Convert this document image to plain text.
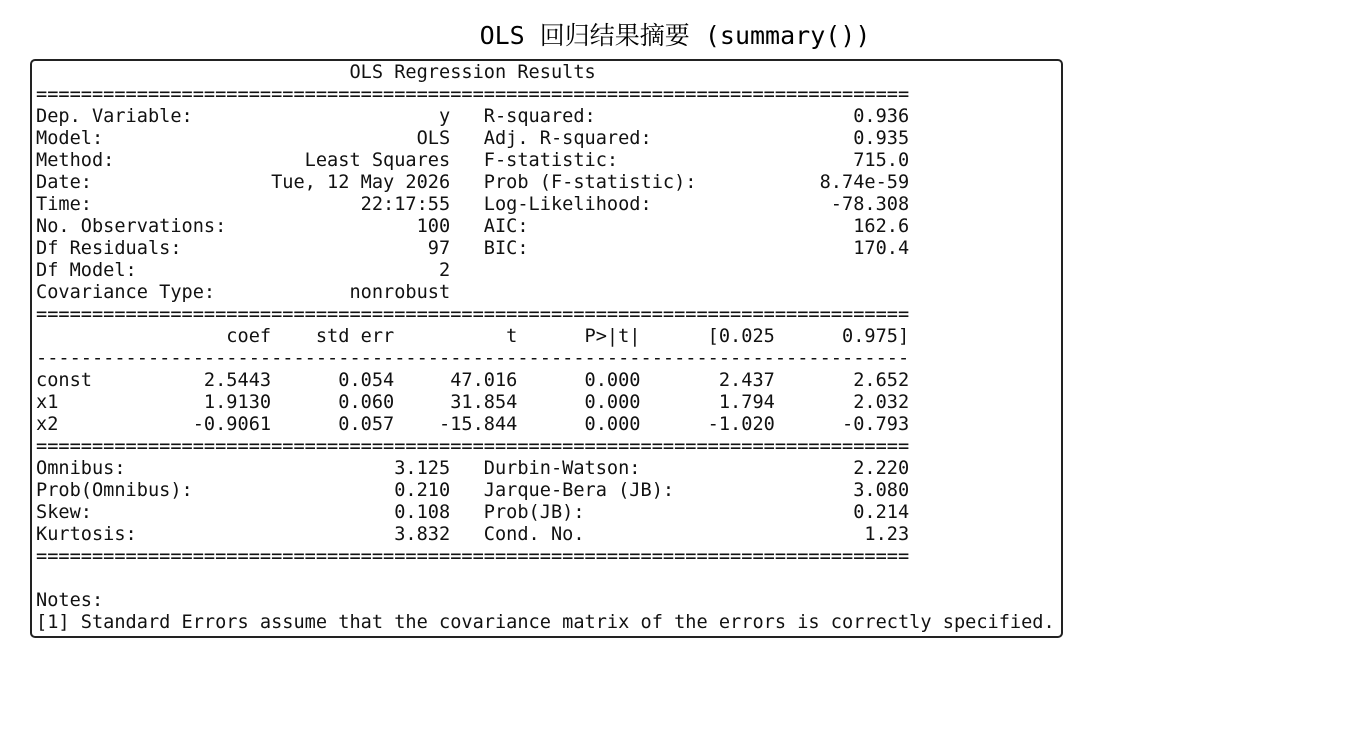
OLS 回归结果摘要 (summary())
OLS Regression Results
==============================================================================
Dep. Variable:                      y   R-squared:                       0.936
Model:                            OLS   Adj. R-squared:                  0.935
Method:                 Least Squares   F-statistic:                     715.0
Date:                Tue, 12 May 2026   Prob (F-statistic):           8.74e-59
Time:                        22:17:55   Log-Likelihood:                -78.308
No. Observations:                 100   AIC:                             162.6
Df Residuals:                      97   BIC:                             170.4
Df Model:                           2
Covariance Type:            nonrobust
==============================================================================
coef    std err          t      P>|t|      [0.025      0.975]
------------------------------------------------------------------------------
const          2.5443      0.054     47.016      0.000       2.437       2.652
x1             1.9130      0.060     31.854      0.000       1.794       2.032
x2            -0.9061      0.057    -15.844      0.000      -1.020      -0.793
==============================================================================
Omnibus:                        3.125   Durbin-Watson:                   2.220
Prob(Omnibus):                  0.210   Jarque-Bera (JB):                3.080
Skew:                           0.108   Prob(JB):                        0.214
Kurtosis:                       3.832   Cond. No.                         1.23
==============================================================================
Notes:
[1] Standard Errors assume that the covariance matrix of the errors is correctly specified.
